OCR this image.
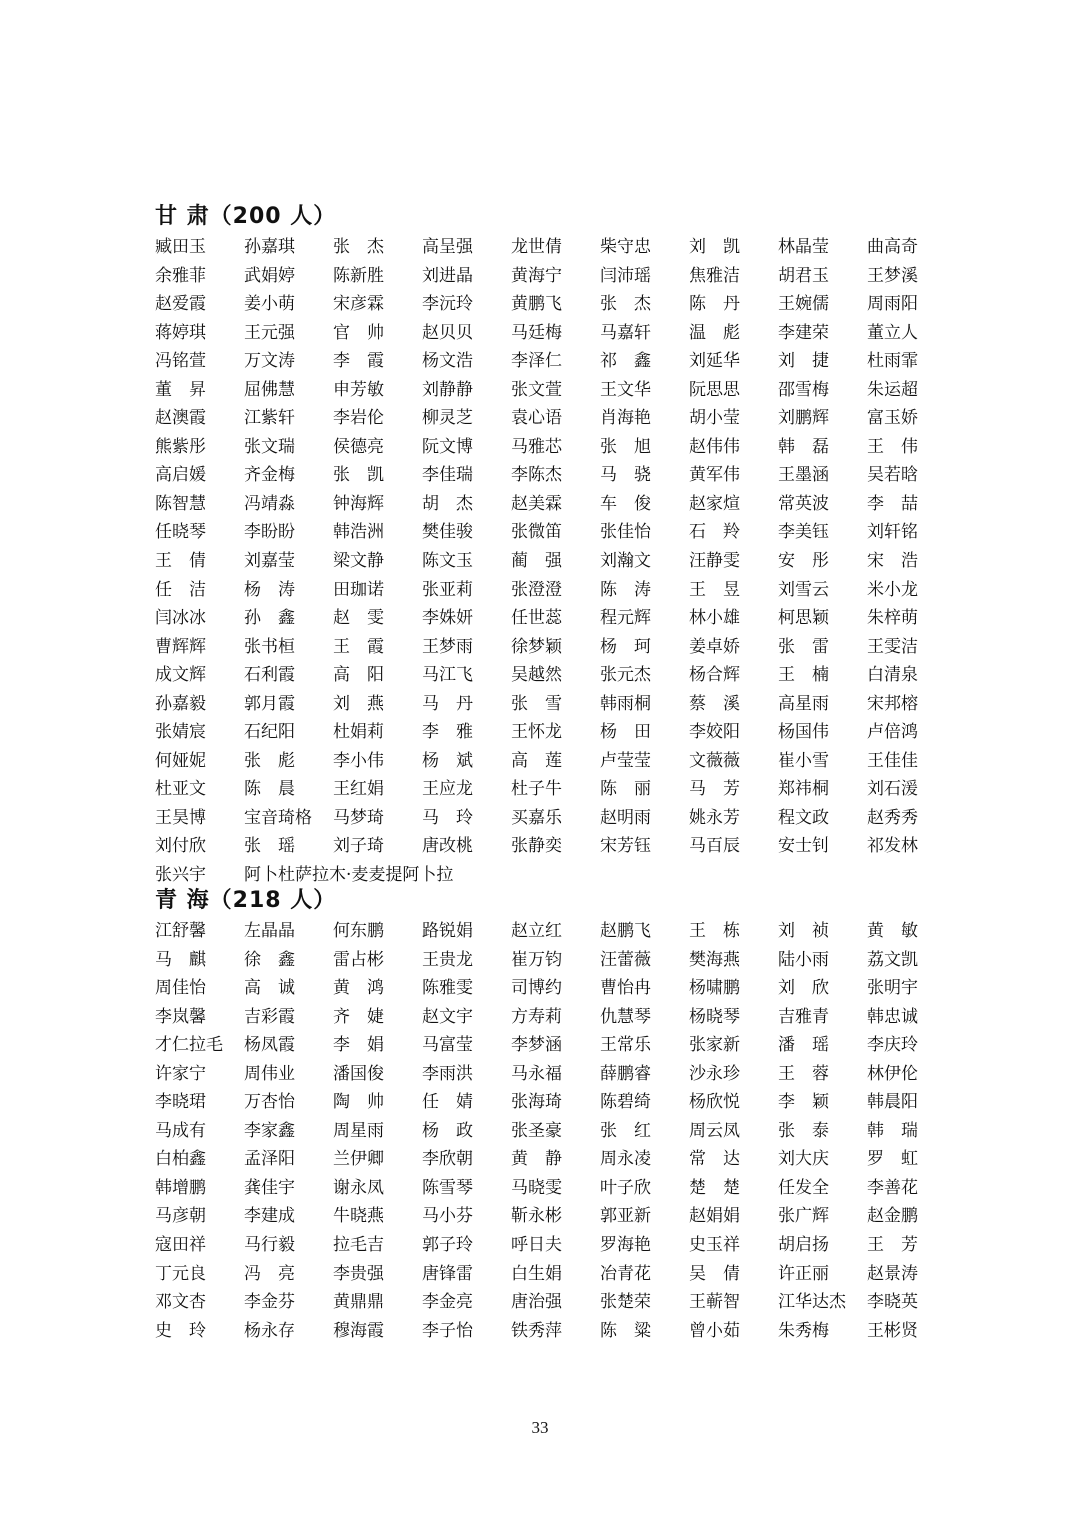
甘 肃（200 人）
臧田玉 孙嘉琪 张　杰 高呈强 龙世倩 柴守忠 刘　凯 林晶莹 曲高奇
余雅菲 武娟婷 陈新胜 刘进晶 黄海宁 闫沛瑶 焦雅洁 胡君玉 王梦溪
赵爱霞 姜小萌 宋彦霖 李沅玲 黄鹏飞 张　杰 陈　丹 王婉儒 周雨阳
蒋婷琪 王元强 官　帅 赵贝贝 马廷梅 马嘉轩 温　彪 李建荣 董立人
冯铭萱 万文涛 李　霞 杨文浩 李泽仁 祁　鑫 刘延华 刘　捷 杜雨霏
董　昇 屈佛慧 申芳敏 刘静静 张文萱 王文华 阮思思 邵雪梅 朱运超
赵澳霞 江紫轩 李岩伦 柳灵芝 袁心语 肖海艳 胡小莹 刘鹏辉 富玉娇
熊紫彤 张文瑞 侯德亮 阮文博 马雅芯 张　旭 赵伟伟 韩　磊 王　伟
高启媛 齐金梅 张　凯 李佳瑞 李陈杰 马　骁 黄军伟 王墨涵 吴若晗
陈智慧 冯靖淼 钟海辉 胡　杰 赵美霖 车　俊 赵家煊 常英波 李　喆
任晓琴 李盼盼 韩浩洲 樊佳骏 张微笛 张佳怡 石　羚 李美钰 刘轩铭
王　倩 刘嘉莹 梁文静 陈文玉 蔺　强 刘瀚文 汪静雯 安　彤 宋　浩
任　洁 杨　涛 田珈诺 张亚莉 张澄澄 陈　涛 王　昱 刘雪云 米小龙
闫冰冰 孙　鑫 赵　雯 李姝妍 任世蕊 程元辉 林小雄 柯思颖 朱梓萌
曹辉辉 张书桓 王　霞 王梦雨 徐梦颖 杨　珂 姜卓娇 张　雷 王雯洁
成文辉 石利霞 高　阳 马江飞 吴越然 张元杰 杨合辉 王　楠 白清泉
孙嘉毅 郭月霞 刘　燕 马　丹 张　雪 韩雨桐 蔡　溪 高星雨 宋邦榕
张婧宸 石纪阳 杜娟莉 李　雅 王怀龙 杨　田 李姣阳 杨国伟 卢倍鸿
何娅妮 张　彪 李小伟 杨　斌 高　莲 卢莹莹 文薇薇 崔小雪 王佳佳
杜亚文 陈　晨 王红娟 王应龙 杜子牛 陈　丽 马　芳 郑祎桐 刘石湲
王昊博 宝音琦格 马梦琦 马　玲 买嘉乐 赵明雨 姚永芳 程文政 赵秀秀
刘付欣 张　瑶 刘子琦 唐改桃 张静奕 宋芳钰 马百辰 安士钊 祁发林
张兴宇 阿卜杜萨拉木·麦麦提阿卜拉
青 海（218 人）
江舒馨 左晶晶 何东鹏 路锐娟 赵立红 赵鹏飞 王　栋 刘　祯 黄　敏
马　麒 徐　鑫 雷占彬 王贵龙 崔万钧 汪蕾薇 樊海燕 陆小雨 荔文凯
周佳怡 高　诚 黄　鸿 陈雅雯 司博约 曹怡冉 杨啸鹏 刘　欣 张明宇
李岚馨 吉彩霞 齐　婕 赵文宇 方寿莉 仇慧琴 杨晓琴 吉雅青 韩忠诚
才仁拉毛 杨凤霞 李　娟 马富莹 李梦涵 王常乐 张家新 潘　瑶 李庆玲
许家宁 周伟业 潘国俊 李雨洪 马永福 薛鹏睿 沙永珍 王　蓉 林伊伦
李晓珺 万杏怡 陶　帅 任　婧 张海琦 陈碧绮 杨欣悦 李　颖 韩晨阳
马成有 李家鑫 周星雨 杨　政 张圣豪 张　红 周云凤 张　泰 韩　瑞
白柏鑫 孟泽阳 兰伊卿 李欣朝 黄　静 周永凌 常　达 刘大庆 罗　虹
韩增鹏 龚佳宇 谢永凤 陈雪琴 马晓雯 叶子欣 楚　楚 任发全 李善花
马彦朝 李建成 牛晓燕 马小芬 靳永彬 郭亚新 赵娟娟 张广辉 赵金鹏
寇田祥 马行毅 拉毛吉 郭子玲 呼日夫 罗海艳 史玉祥 胡启扬 王　芳
丁元良 冯　亮 李贵强 唐锋雷 白生娟 冶青花 吴　倩 许正丽 赵景涛
邓文杏 李金芬 黄鼎鼎 李金亮 唐治强 张楚荣 王蕲智 江华达杰 李晓英
史　玲 杨永存 穆海霞 李子怡 铁秀萍 陈　粱 曾小茹 朱秀梅 王彬贤
33
